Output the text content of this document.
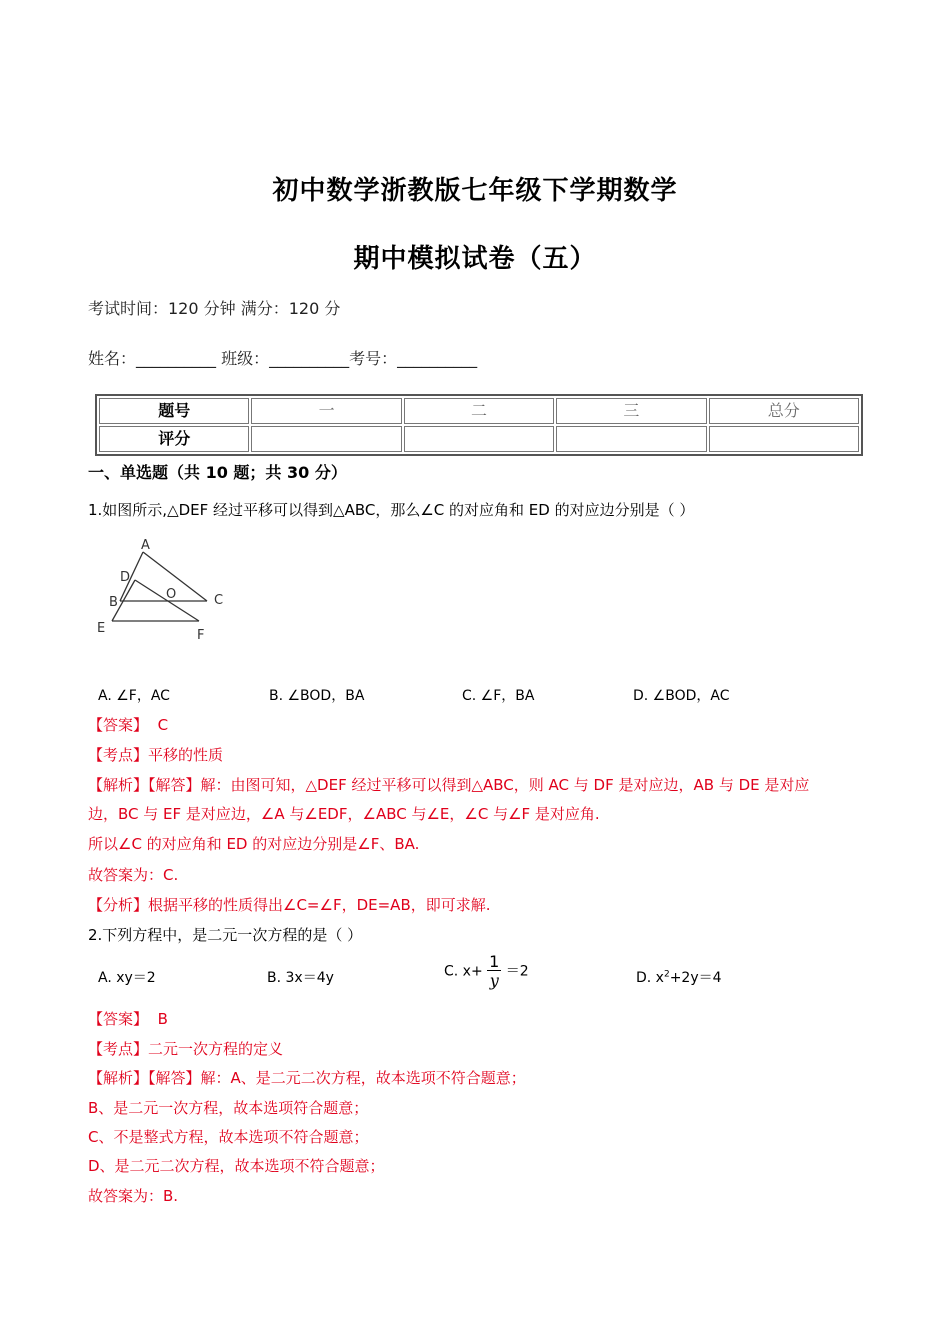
初中数学浙教版七年级下学期数学
期中模拟试卷（五）
考试时间：120 分钟 满分：120 分
姓名：__________ 班级：__________考号：__________
题号	一	二	三	总分
评分				
一、单选题（共 10 题；共 30 分）
1.如图所示,△DEF 经过平移可以得到△ABC，那么∠C 的对应角和 ED 的对应边分别是（ ）
A
D
B
O	C
E	F
A. ∠F，AC	B. ∠BOD，BA	C. ∠F，BA	D. ∠BOD，AC
【答案】 C
【考点】平移的性质
【解析】【解答】解：由图可知，△DEF 经过平移可以得到△ABC，则 AC 与 DF 是对应边，AB 与 DE 是对应
边，BC 与 EF 是对应边，∠A 与∠EDF，∠ABC 与∠E，∠C 与∠F 是对应角.
所以∠C 的对应角和 ED 的对应边分别是∠F、BA.
故答案为：C.
【分析】根据平移的性质得出∠C=∠F，DE=AB，即可求解.
2.下列方程中，是二元一次方程的是（ ）
A. xy＝2	B. 3x＝4y	C. $x+ \frac{1}{y} =2$	D. $x^2+2y=4$
【答案】 B
【考点】二元一次方程的定义
【解析】【解答】解：A、是二元二次方程，故本选项不符合题意；
B、是二元一次方程，故本选项符合题意；
C、不是整式方程，故本选项不符合题意；
D、是二元二次方程，故本选项不符合题意；
故答案为：B.
